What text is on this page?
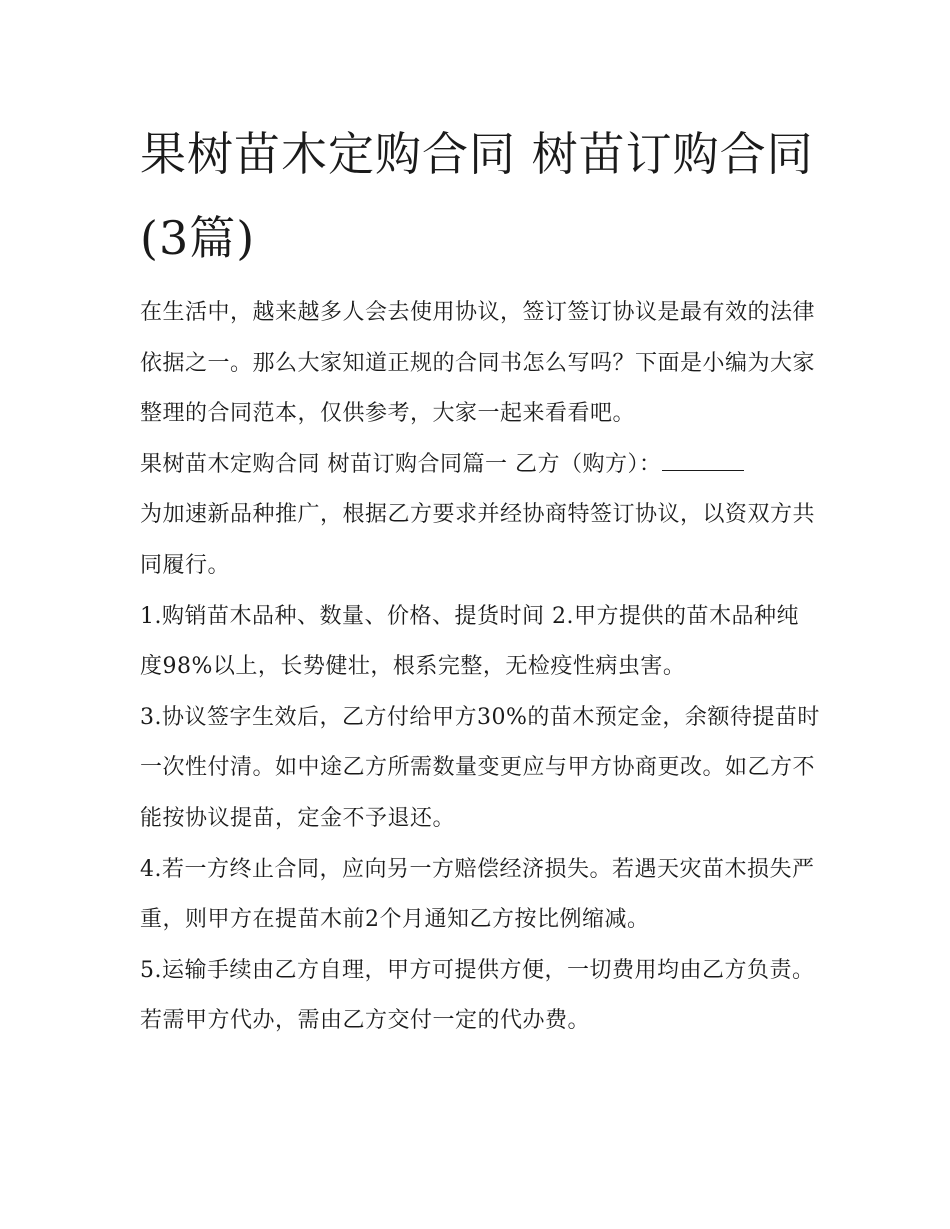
果树苗木定购合同 树苗订购合同(3篇)

在生活中，越来越多人会去使用协议，签订签订协议是最有效的法律依据之一。那么大家知道正规的合同书怎么写吗？下面是小编为大家整理的合同范本，仅供参考，大家一起来看看吧。

果树苗木定购合同 树苗订购合同篇一 乙方（购方）：

为加速新品种推广，根据乙方要求并经协商特签订协议，以资双方共同履行。

1.购销苗木品种、数量、价格、提货时间 2.甲方提供的苗木品种纯度98%以上，长势健壮，根系完整，无检疫性病虫害。

3.协议签字生效后，乙方付给甲方30%的苗木预定金，余额待提苗时一次性付清。如中途乙方所需数量变更应与甲方协商更改。如乙方不能按协议提苗，定金不予退还。

4.若一方终止合同，应向另一方赔偿经济损失。若遇天灾苗木损失严重，则甲方在提苗木前2个月通知乙方按比例缩减。

5.运输手续由乙方自理，甲方可提供方便，一切费用均由乙方负责。若需甲方代办，需由乙方交付一定的代办费。
